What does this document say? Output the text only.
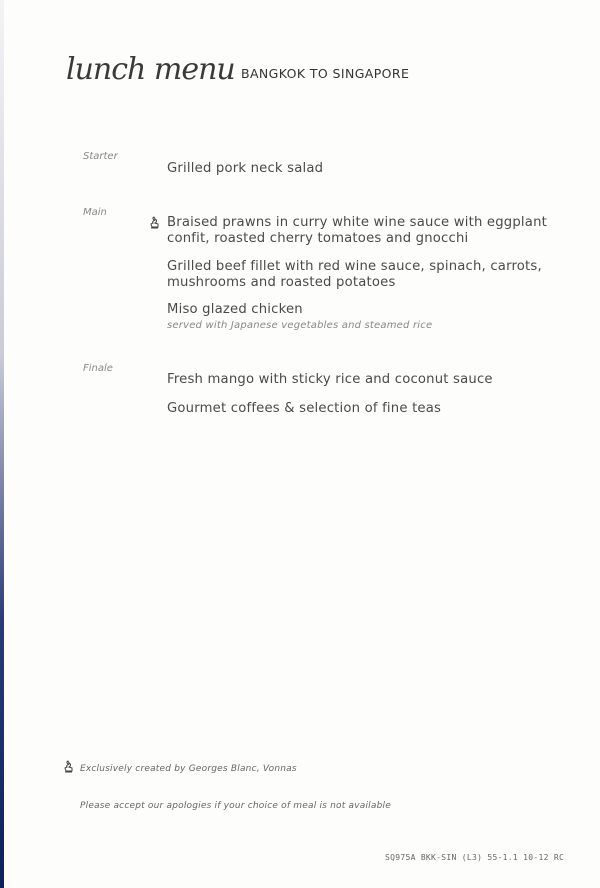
lunch menu BANGKOK TO SINGAPORE
Starter
Grilled pork neck salad
Main
Braised prawns in curry white wine sauce with eggplant confit, roasted cherry tomatoes and gnocchi
Grilled beef fillet with red wine sauce, spinach, carrots, mushrooms and roasted potatoes
Miso glazed chicken
served with Japanese vegetables and steamed rice
Finale
Fresh mango with sticky rice and coconut sauce
Gourmet coffees & selection of fine teas
Exclusively created by Georges Blanc, Vonnas
Please accept our apologies if your choice of meal is not available
SQ975A BKK-SIN (L3) 55-1.1 10-12 RC
